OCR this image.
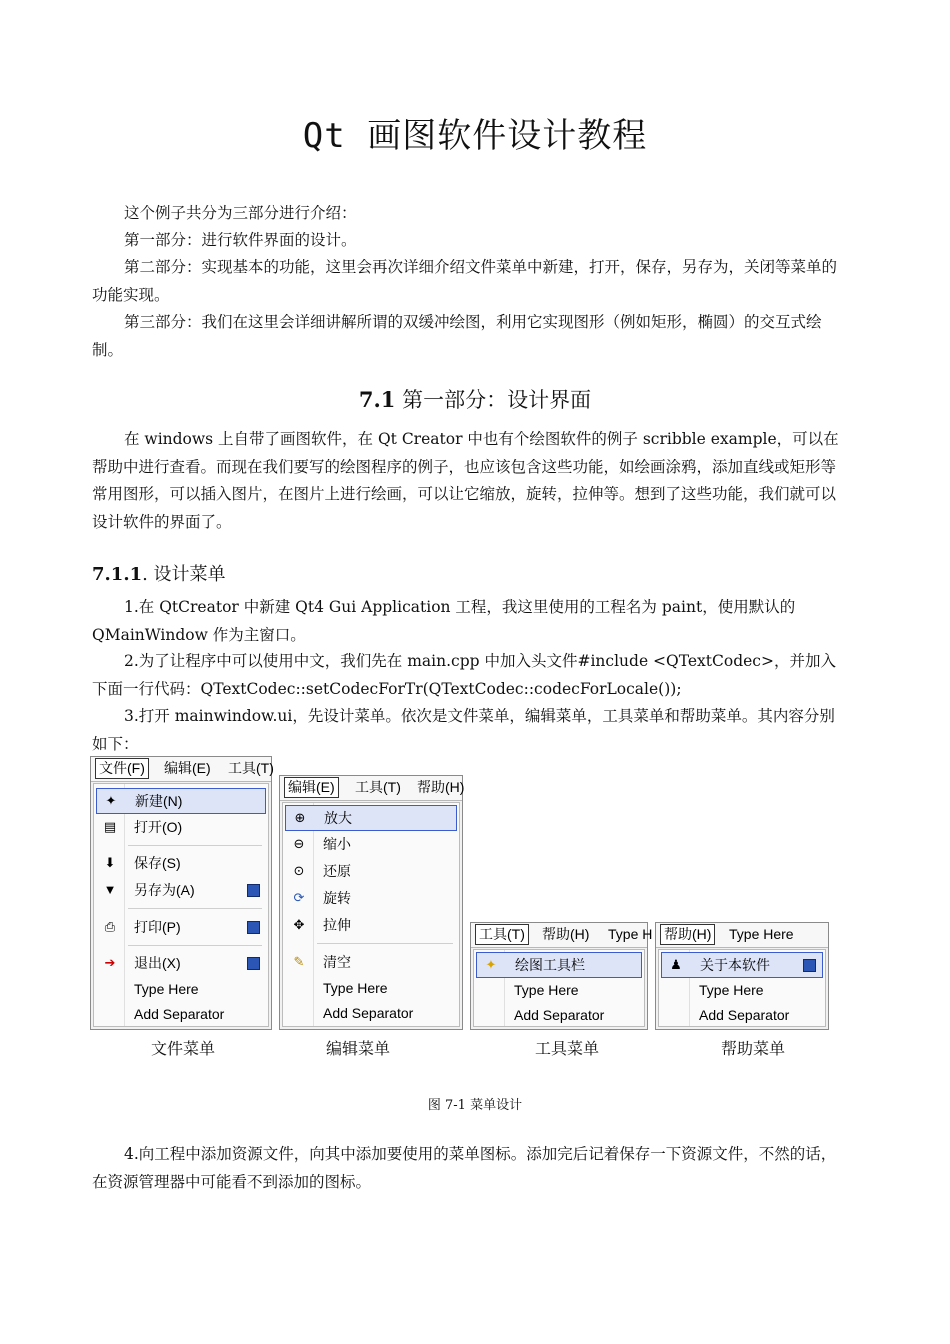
Qt 画图软件设计教程
这个例子共分为三部分进行介绍：
第一部分：进行软件界面的设计。
第二部分：实现基本的功能，这里会再次详细介绍文件菜单中新建，打开，保存，另存为，关闭等菜单的功能实现。
第三部分：我们在这里会详细讲解所谓的双缓冲绘图，利用它实现图形（例如矩形，椭圆）的交互式绘制。
7.1 第一部分：设计界面
在 windows 上自带了画图软件，在 Qt Creator 中也有个绘图软件的例子 scribble example，可以在帮助中进行查看。而现在我们要写的绘图程序的例子，也应该包含这些功能，如绘画涂鸦，添加直线或矩形等常用图形，可以插入图片，在图片上进行绘画，可以让它缩放，旋转，拉伸等。想到了这些功能，我们就可以设计软件的界面了。
7.1.1. 设计菜单
1.在 QtCreator 中新建 Qt4 Gui Application 工程，我这里使用的工程名为 paint，使用默认的 QMainWindow 作为主窗口。
2.为了让程序中可以使用中文，我们先在 main.cpp 中加入头文件#include <QTextCodec>，并加入下面一行代码：QTextCodec::setCodecForTr(QTextCodec::codecForLocale());
3.打开 mainwindow.ui，先设计菜单。依次是文件菜单，编辑菜单，工具菜单和帮助菜单。其内容分别如下：
文件(F) 编辑(E) 工具(T)
✦ 新建(N)
▤ 打开(O)
⬇ 保存(S)
▼ 另存为(A)
⎙ 打印(P)
➔ 退出(X)
Type Here
Add Separator
编辑(E) 工具(T) 帮助(H)
⊕ 放大
⊖ 缩小
⊙ 还原
⟳ 旋转
✥ 拉伸
✎ 清空
Type Here
Add Separator
工具(T) 帮助(H) Type H
✦ 绘图工具栏
Type Here
Add Separator
帮助(H) Type Here
♟ 关于本软件
Type Here
Add Separator
文件菜单	编辑菜单	工具菜单	帮助菜单
图 7-1 菜单设计
4.向工程中添加资源文件，向其中添加要使用的菜单图标。添加完后记着保存一下资源文件，不然的话，在资源管理器中可能看不到添加的图标。
